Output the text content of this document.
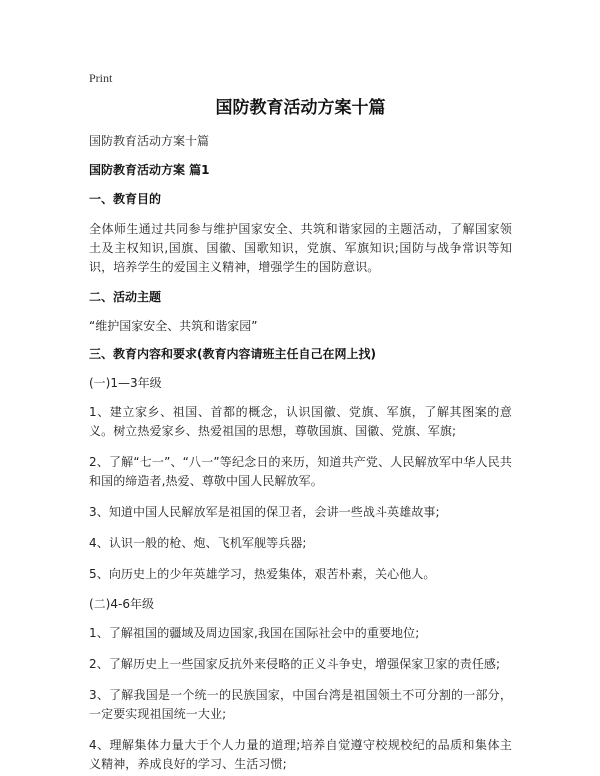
Print
国防教育活动方案十篇
国防教育活动方案十篇
国防教育活动方案 篇1
一、教育目的
全体师生通过共同参与维护国家安全、共筑和谐家园的主题活动，了解国家领土及主权知识,国旗、国徽、国歌知识，党旗、军旗知识;国防与战争常识等知识，培养学生的爱国主义精神，增强学生的国防意识。
二、活动主题
“维护国家安全、共筑和谐家园”
三、教育内容和要求(教育内容请班主任自己在网上找)
(一)1—3年级
1、建立家乡、祖国、首都的概念，认识国徽、党旗、军旗，了解其图案的意义。树立热爱家乡、热爱祖国的思想，尊敬国旗、国徽、党旗、军旗;
2、了解“七一”、“八一”等纪念日的来历，知道共产党、人民解放军中华人民共和国的缔造者,热爱、尊敬中国人民解放军。
3、知道中国人民解放军是祖国的保卫者，会讲一些战斗英雄故事;
4、认识一般的枪、炮、飞机军舰等兵器;
5、向历史上的少年英雄学习，热爱集体，艰苦朴素，关心他人。
(二)4-6年级
1、了解祖国的疆域及周边国家,我国在国际社会中的重要地位;
2、了解历史上一些国家反抗外来侵略的正义斗争史，增强保家卫家的责任感;
3、了解我国是一个统一的民族国家，中国台湾是祖国领土不可分割的一部分，一定要实现祖国统一大业;
4、理解集体力量大于个人力量的道理;培养自觉遵守校规校纪的品质和集体主义精神，养成良好的学习、生活习惯;
